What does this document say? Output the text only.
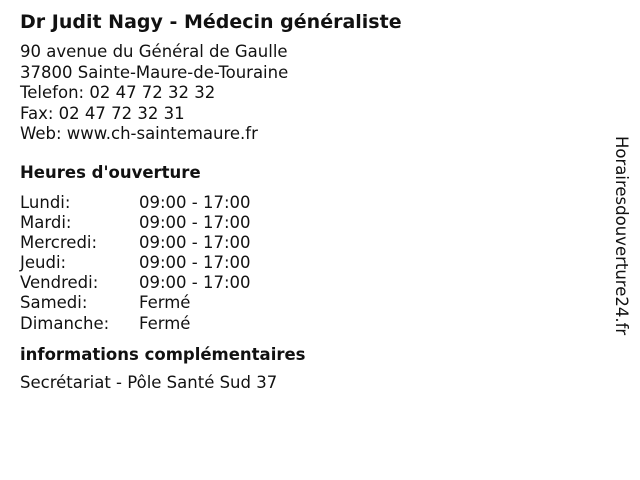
Dr Judit Nagy - Médecin généraliste
90 avenue du Général de Gaulle
37800 Sainte-Maure-de-Touraine
Telefon: 02 47 72 32 32
Fax: 02 47 72 32 31
Web: www.ch-saintemaure.fr
Heures d'ouverture
Lundi:	09:00 - 17:00
Mardi:	09:00 - 17:00
Mercredi:	09:00 - 17:00
Jeudi:	09:00 - 17:00
Vendredi: 09:00 - 17:00
Samedi:	Fermé
Dimanche: Fermé
informations complémentaires
Secrétariat - Pôle Santé Sud 37
Horairesdouverture24.fr
